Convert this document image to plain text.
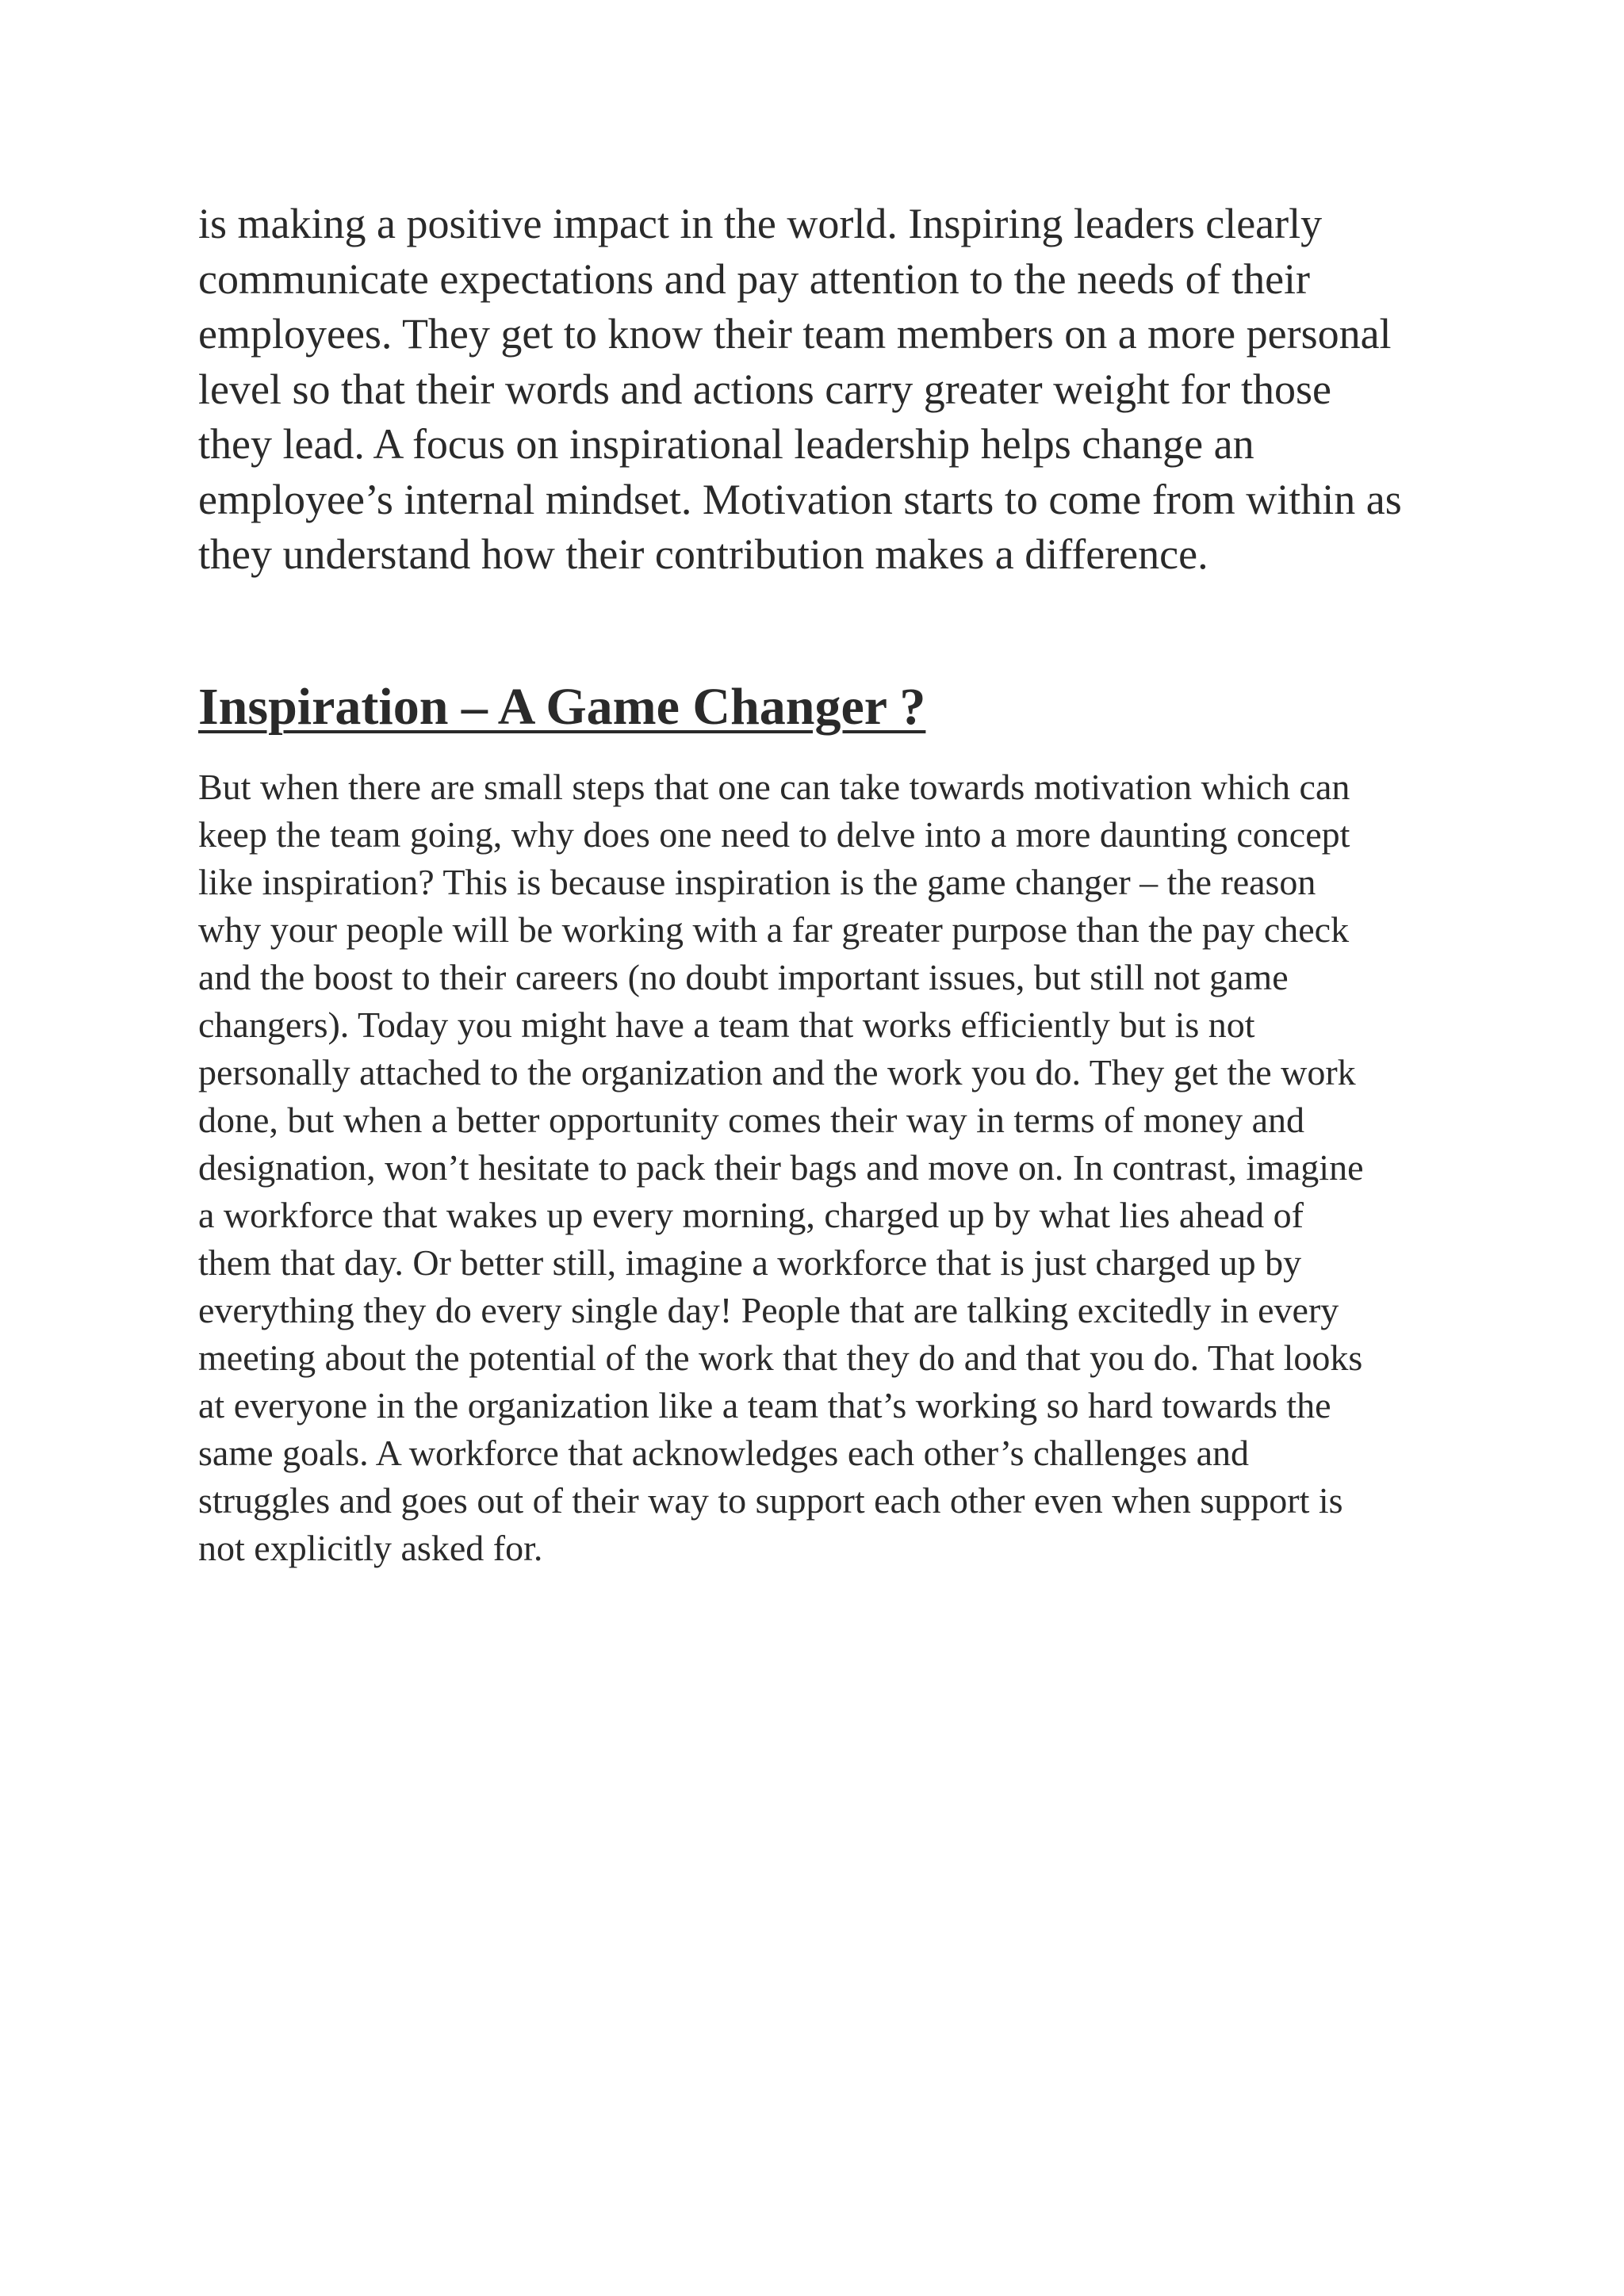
is making a positive impact in the world. Inspiring leaders clearly
communicate expectations and pay attention to the needs of their
employees. They get to know their team members on a more personal
level so that their words and actions carry greater weight for those
they lead. A focus on inspirational leadership helps change an
employee’s internal mindset. Motivation starts to come from within as
they understand how their contribution makes a difference.
Inspiration – A Game Changer ?
But when there are small steps that one can take towards motivation which can
keep the team going, why does one need to delve into a more daunting concept
like inspiration? This is because inspiration is the game changer – the reason
why your people will be working with a far greater purpose than the pay check
and the boost to their careers (no doubt important issues, but still not game
changers). Today you might have a team that works efficiently but is not
personally attached to the organization and the work you do. They get the work
done, but when a better opportunity comes their way in terms of money and
designation, won’t hesitate to pack their bags and move on. In contrast, imagine
a workforce that wakes up every morning, charged up by what lies ahead of
them that day. Or better still, imagine a workforce that is just charged up by
everything they do every single day! People that are talking excitedly in every
meeting about the potential of the work that they do and that you do. That looks
at everyone in the organization like a team that’s working so hard towards the
same goals. A workforce that acknowledges each other’s challenges and
struggles and goes out of their way to support each other even when support is
not explicitly asked for.
